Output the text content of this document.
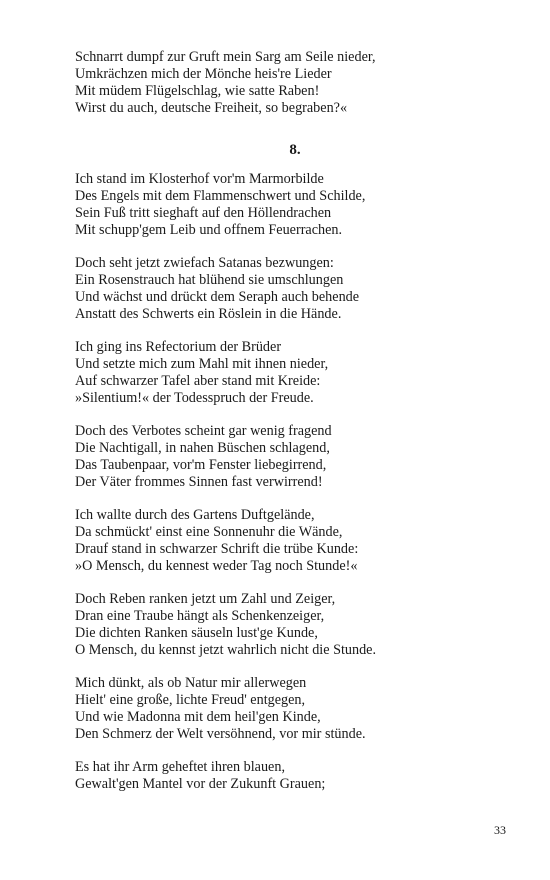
Schnarrt dumpf zur Gruft mein Sarg am Seile nieder,
Umkrächzen mich der Mönche heis're Lieder
Mit müdem Flügelschlag, wie satte Raben!
Wirst du auch, deutsche Freiheit, so begraben?«
8.
Ich stand im Klosterhof vor'm Marmorbilde
Des Engels mit dem Flammenschwert und Schilde,
Sein Fuß tritt sieghaft auf den Höllendrachen
Mit schupp'gem Leib und offnem Feuerrachen.
Doch seht jetzt zwiefach Satanas bezwungen:
Ein Rosenstrauch hat blühend sie umschlungen
Und wächst und drückt dem Seraph auch behende
Anstatt des Schwerts ein Röslein in die Hände.
Ich ging ins Refectorium der Brüder
Und setzte mich zum Mahl mit ihnen nieder,
Auf schwarzer Tafel aber stand mit Kreide:
»Silentium!« der Todesspruch der Freude.
Doch des Verbotes scheint gar wenig fragend
Die Nachtigall, in nahen Büschen schlagend,
Das Taubenpaar, vor'm Fenster liebegirrend,
Der Väter frommes Sinnen fast verwirrend!
Ich wallte durch des Gartens Duftgelände,
Da schmückt' einst eine Sonnenuhr die Wände,
Drauf stand in schwarzer Schrift die trübe Kunde:
»O Mensch, du kennest weder Tag noch Stunde!«
Doch Reben ranken jetzt um Zahl und Zeiger,
Dran eine Traube hängt als Schenkenzeiger,
Die dichten Ranken säuseln lust'ge Kunde,
O Mensch, du kennst jetzt wahrlich nicht die Stunde.
Mich dünkt, als ob Natur mir allerwegen
Hielt' eine große, lichte Freud' entgegen,
Und wie Madonna mit dem heil'gen Kinde,
Den Schmerz der Welt versöhnend, vor mir stünde.
Es hat ihr Arm geheftet ihren blauen,
Gewalt'gen Mantel vor der Zukunft Grauen;
33
